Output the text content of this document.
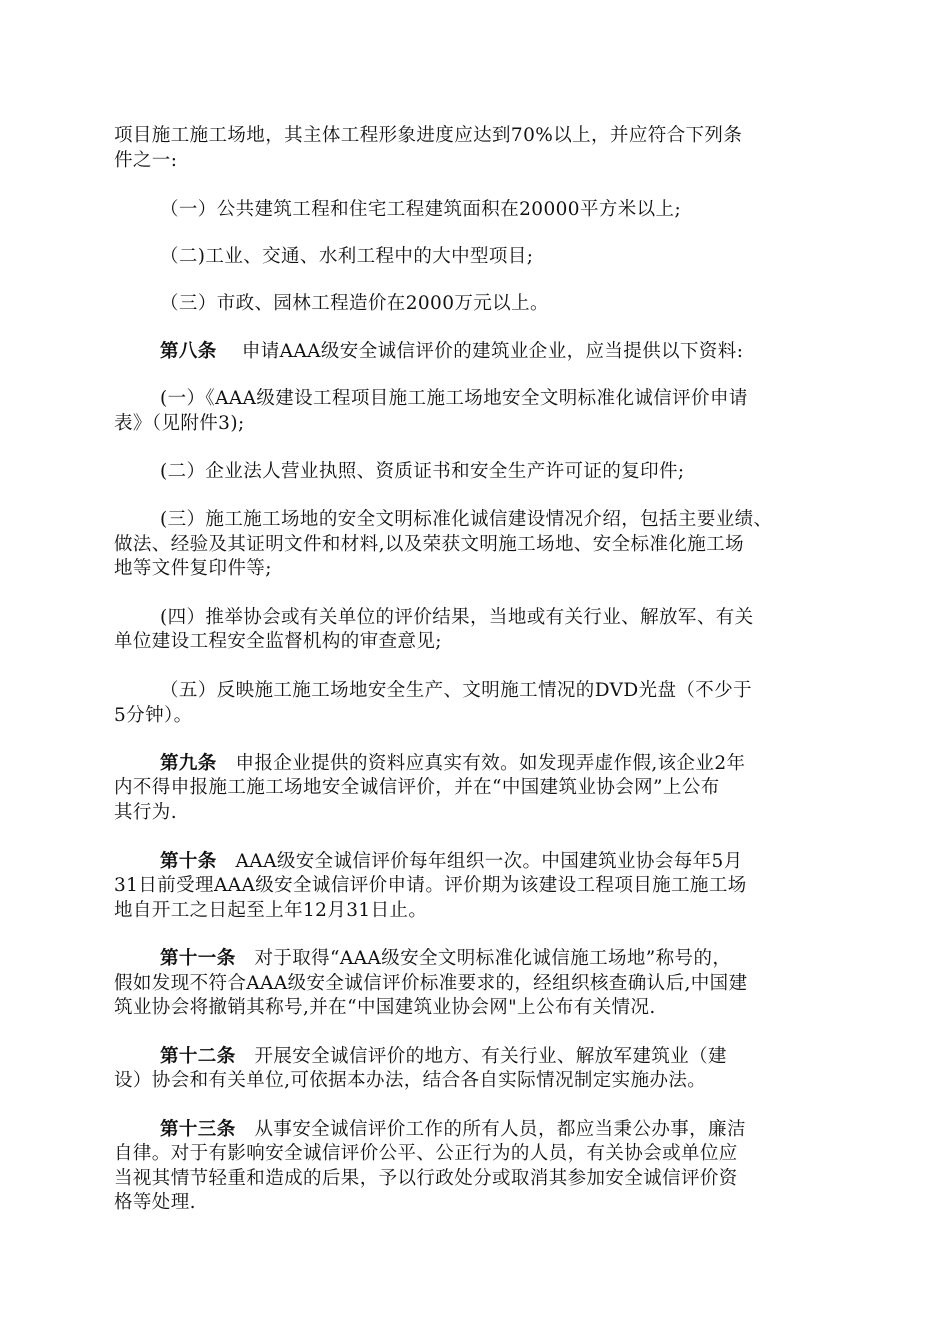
项目施工施工场地，其主体工程形象进度应达到70%以上，并应符合下列条
件之一:
（一）公共建筑工程和住宅工程建筑面积在20000平方米以上;
（二)工业、交通、水利工程中的大中型项目;
（三）市政、园林工程造价在2000万元以上。
第八条 申请AAA级安全诚信评价的建筑业企业，应当提供以下资料:
(一）《AAA级建设工程项目施工施工场地安全文明标准化诚信评价申请
表》（见附件3);
(二）企业法人营业执照、资质证书和安全生产许可证的复印件;
(三）施工施工场地的安全文明标准化诚信建设情况介绍，包括主要业绩、
做法、经验及其证明文件和材料,以及荣获文明施工场地、安全标准化施工场
地等文件复印件等;
(四）推举协会或有关单位的评价结果，当地或有关行业、解放军、有关
单位建设工程安全监督机构的审查意见;
（五）反映施工施工场地安全生产、文明施工情况的DVD光盘（不少于
5分钟）。
第九条 申报企业提供的资料应真实有效。如发现弄虚作假,该企业2年
内不得申报施工施工场地安全诚信评价，并在“中国建筑业协会网”上公布
其行为.
第十条 AAA级安全诚信评价每年组织一次。中国建筑业协会每年5月
31日前受理AAA级安全诚信评价申请。评价期为该建设工程项目施工施工场
地自开工之日起至上年12月31日止。
第十一条 对于取得“AAA级安全文明标准化诚信施工场地”称号的，
假如发现不符合AAA级安全诚信评价标准要求的，经组织核查确认后,中国建
筑业协会将撤销其称号,并在“中国建筑业协会网"上公布有关情况.
第十二条 开展安全诚信评价的地方、有关行业、解放军建筑业（建
设）协会和有关单位,可依据本办法，结合各自实际情况制定实施办法。
第十三条 从事安全诚信评价工作的所有人员，都应当秉公办事，廉洁
自律。对于有影响安全诚信评价公平、公正行为的人员，有关协会或单位应
当视其情节轻重和造成的后果，予以行政处分或取消其参加安全诚信评价资
格等处理.
